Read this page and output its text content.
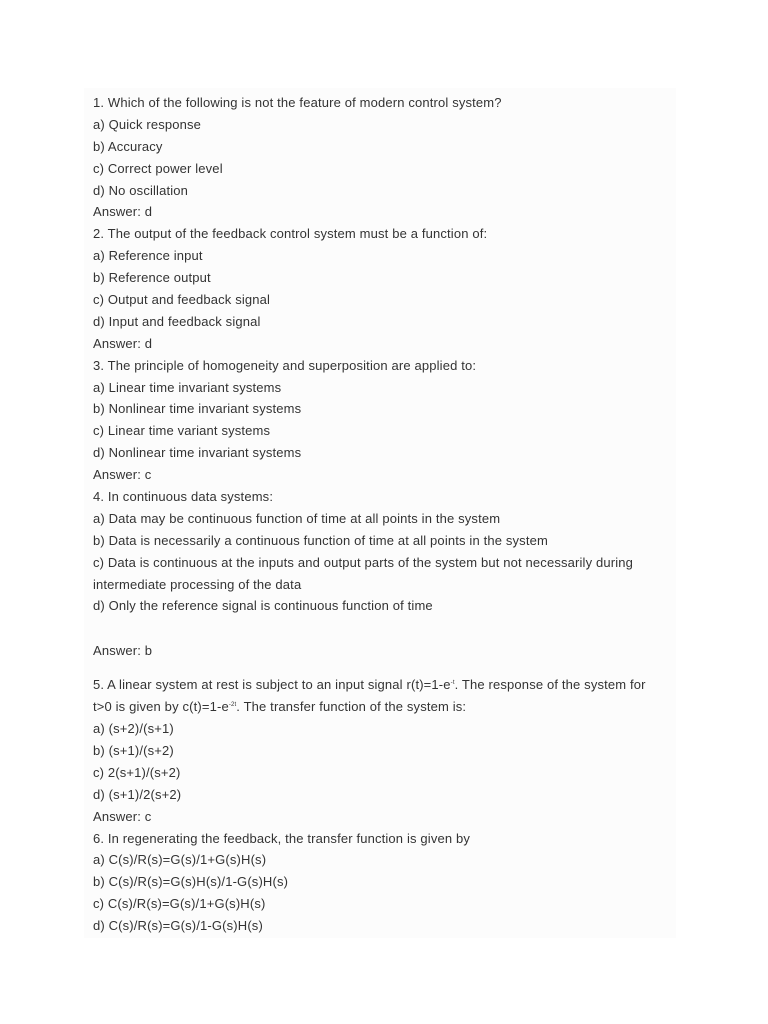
1. Which of the following is not the feature of modern control system?
a) Quick response
b) Accuracy
c) Correct power level
d) No oscillation
Answer: d
2. The output of the feedback control system must be a function of:
a) Reference input
b) Reference output
c) Output and feedback signal
d) Input and feedback signal
Answer: d
3. The principle of homogeneity and superposition are applied to:
a) Linear time invariant systems
b) Nonlinear time invariant systems
c) Linear time variant systems
d) Nonlinear time invariant systems
Answer: c
4. In continuous data systems:
a) Data may be continuous function of time at all points in the system
b) Data is necessarily a continuous function of time at all points in the system
c) Data is continuous at the inputs and output parts of the system but not necessarily during
intermediate processing of the data
d) Only the reference signal is continuous function of time
Answer: b
5. A linear system at rest is subject to an input signal $r(t)=1-e^{-t}$. The response of the system for
t>0 is given by $c(t)=1-e^{-2t}$. The transfer function of the system is:
a) (s+2)/(s+1)
b) (s+1)/(s+2)
c) 2(s+1)/(s+2)
d) (s+1)/2(s+2)
Answer: c
6. In regenerating the feedback, the transfer function is given by
a) C(s)/R(s)=G(s)/1+G(s)H(s)
b) C(s)/R(s)=G(s)H(s)/1-G(s)H(s)
c) C(s)/R(s)=G(s)/1+G(s)H(s)
d) C(s)/R(s)=G(s)/1-G(s)H(s)
